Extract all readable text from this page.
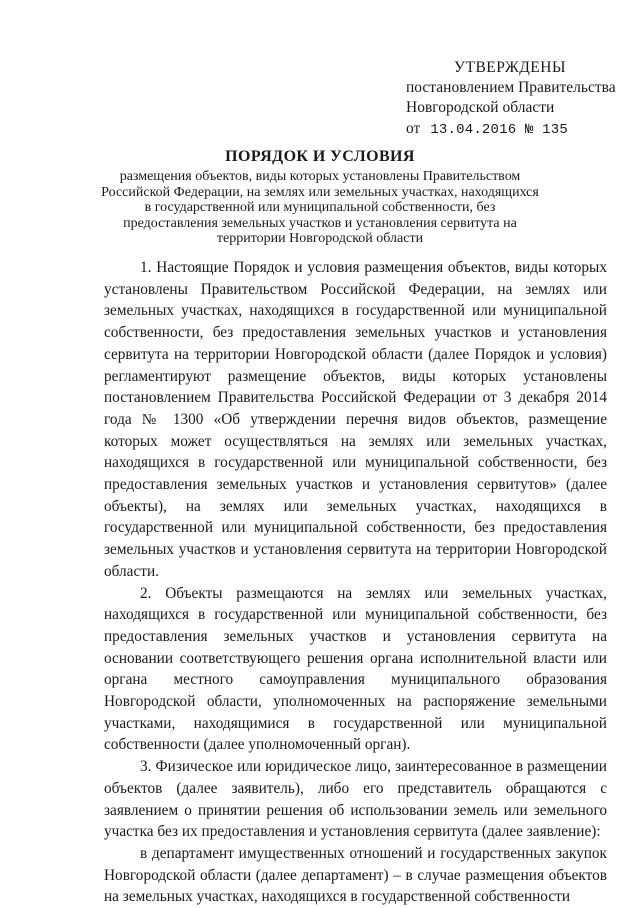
УТВЕРЖДЕНЫ
постановлением Правительства
Новгородской области
от 13.04.2016 № 135
ПОРЯДОК И УСЛОВИЯ
размещения объектов, виды которых установлены Правительством Российской Федерации, на землях или земельных участках, находящихся в государственной или муниципальной собственности, без предоставления земельных участков и установления сервитута на территории Новгородской области

1. Настоящие Порядок и условия размещения объектов, виды которых установлены Правительством Российской Федерации, на землях или земельных участках, находящихся в государственной или муниципальной собственности, без предоставления земельных участков и установления сервитута на территории Новгородской области (далее Порядок и условия) регламентируют размещение объектов, виды которых установлены постановлением Правительства Российской Федерации от 3 декабря 2014 года № 1300 «Об утверждении перечня видов объектов, размещение которых может осуществляться на землях или земельных участках, находящихся в государственной или муниципальной собственности, без предоставления земельных участков и установления сервитутов» (далее объекты), на землях или земельных участках, находящихся в государственной или муниципальной собственности, без предоставления земельных участков и установления сервитута на территории Новгородской области.

2. Объекты размещаются на землях или земельных участках, находящихся в государственной или муниципальной собственности, без предоставления земельных участков и установления сервитута на основании соответствующего решения органа исполнительной власти или органа местного самоуправления муниципального образования Новгородской области, уполномоченных на распоряжение земельными участками, находящимися в государственной или муниципальной собственности (далее уполномоченный орган).

3. Физическое или юридическое лицо, заинтересованное в размещении объектов (далее заявитель), либо его представитель обращаются с заявлением о принятии решения об использовании земель или земельного участка без их предоставления и установления сервитута (далее заявление):

в департамент имущественных отношений и государственных закупок Новгородской области (далее департамент) – в случае размещения объектов на земельных участках, находящихся в государственной собственности
